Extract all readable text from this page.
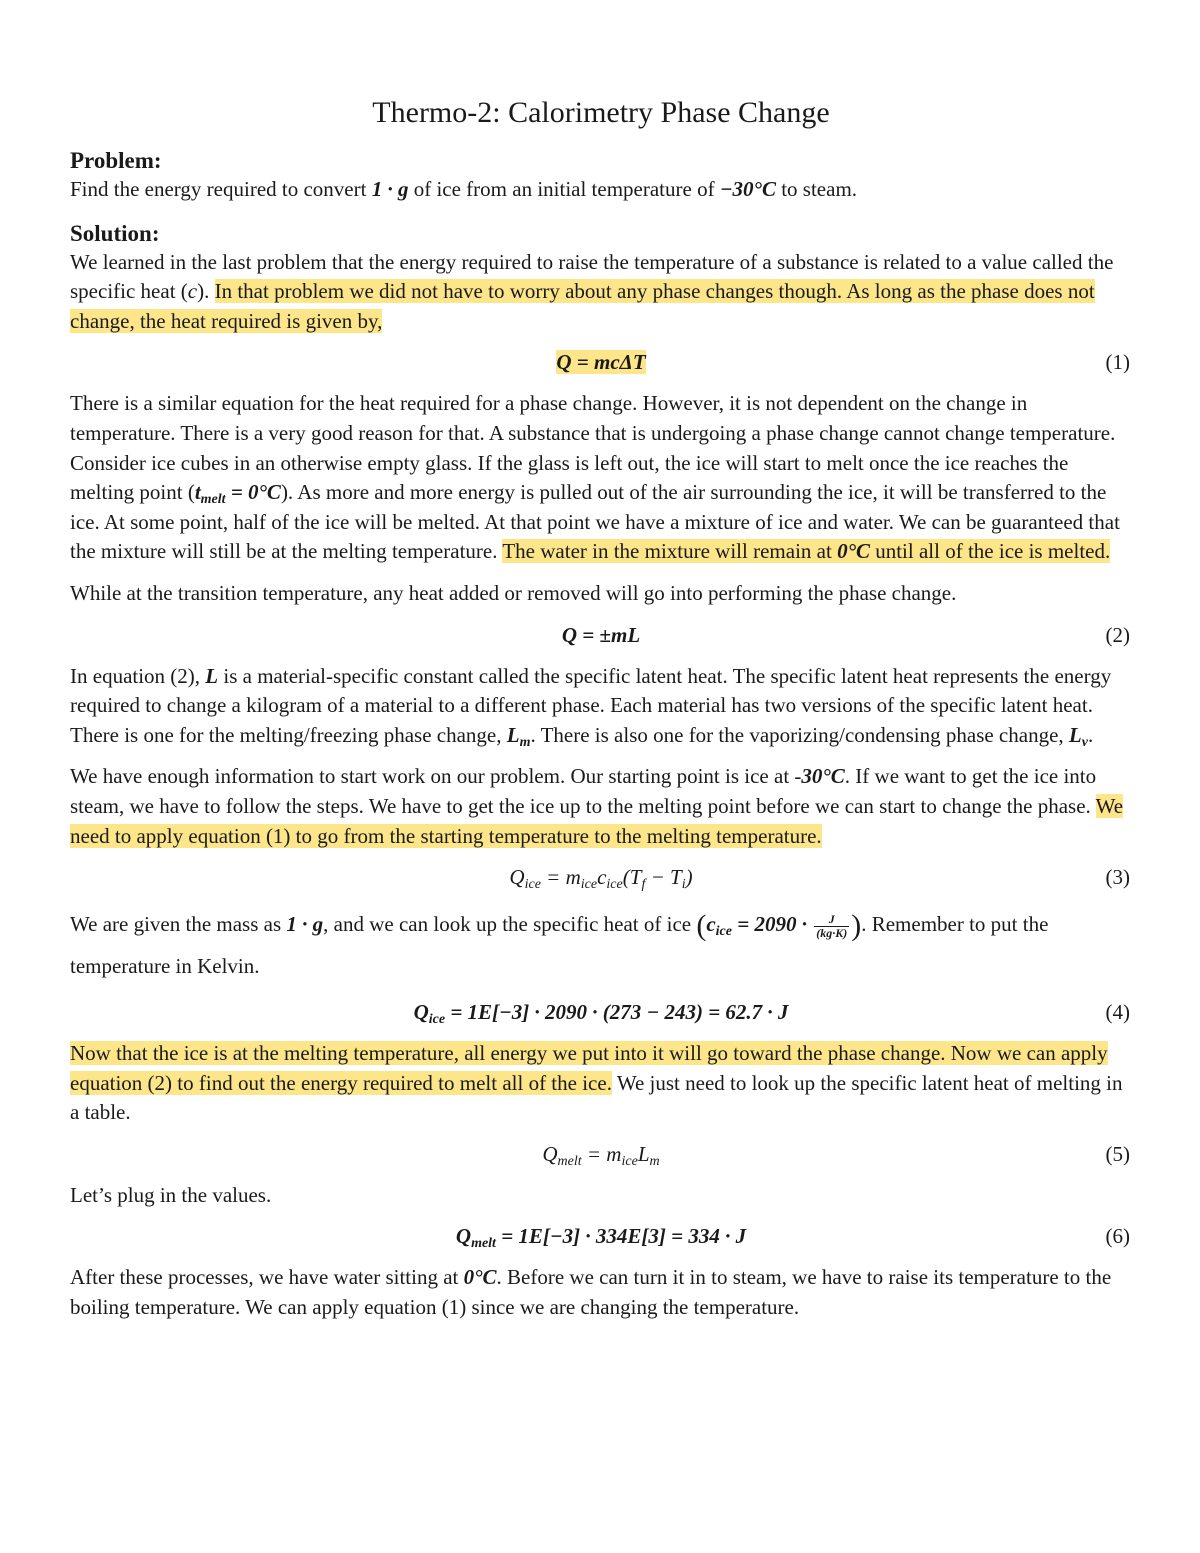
Thermo-2: Calorimetry Phase Change

Problem:

Find the energy required to convert 1 · g of ice from an initial temperature of −30°C to steam.

Solution:

We learned in the last problem that the energy required to raise the temperature of a substance is related to a value called the specific heat (c). In that problem we did not have to worry about any phase changes though. As long as the phase does not change, the heat required is given by,

Q = mcΔT	(1)

There is a similar equation for the heat required for a phase change. However, it is not dependent on the change in temperature. There is a very good reason for that. A substance that is undergoing a phase change cannot change temperature. Consider ice cubes in an otherwise empty glass. If the glass is left out, the ice will start to melt once the ice reaches the melting point $(t_{melt} = 0^\circ C)$. As more and more energy is pulled out of the air surrounding the ice, it will be transferred to the ice. At some point, half of the ice will be melted. At that point we have a mixture of ice and water. We can be guaranteed that the mixture will still be at the melting temperature. The water in the mixture will remain at 0°C until all of the ice is melted.

While at the transition temperature, any heat added or removed will go into performing the phase change.

Q = ±mL	(2)

In equation (2), L is a material-specific constant called the specific latent heat. The specific latent heat represents the energy required to change a kilogram of a material to a different phase. Each material has two versions of the specific latent heat. There is one for the melting/freezing phase change, $L_m$. There is also one for the vaporizing/condensing phase change, $L_v$.

We have enough information to start work on our problem. Our starting point is ice at -30°C. If we want to get the ice into steam, we have to follow the steps. We have to get the ice up to the melting point before we can start to change the phase. We need to apply equation (1) to go from the starting temperature to the melting temperature.

$Q_{ice} = m_{ice}c_{ice}(T_f - T_i)$	(3)

We are given the mass as 1 · g, and we can look up the specific heat of ice ($c_{ice} = 2090 \cdot \frac{J}{(kg\cdot K)}$ ). Remember to put the temperature in Kelvin.

$Q_{ice} = 1E[-3] \cdot 2090 \cdot (273 - 243) = 62.7 \cdot J$	(4)

Now that the ice is at the melting temperature, all energy we put into it will go toward the phase change. Now we can apply equation (2) to find out the energy required to melt all of the ice. We just need to look up the specific latent heat of melting in a table.

$Q_{melt} = m_{ice}L_m$	(5)

Let’s plug in the values.

$Q_{melt} = 1E[-3] \cdot 334E[3] = 334 \cdot J$	(6)

After these processes, we have water sitting at 0°C. Before we can turn it in to steam, we have to raise its temperature to the boiling temperature. We can apply equation (1) since we are changing the temperature.
